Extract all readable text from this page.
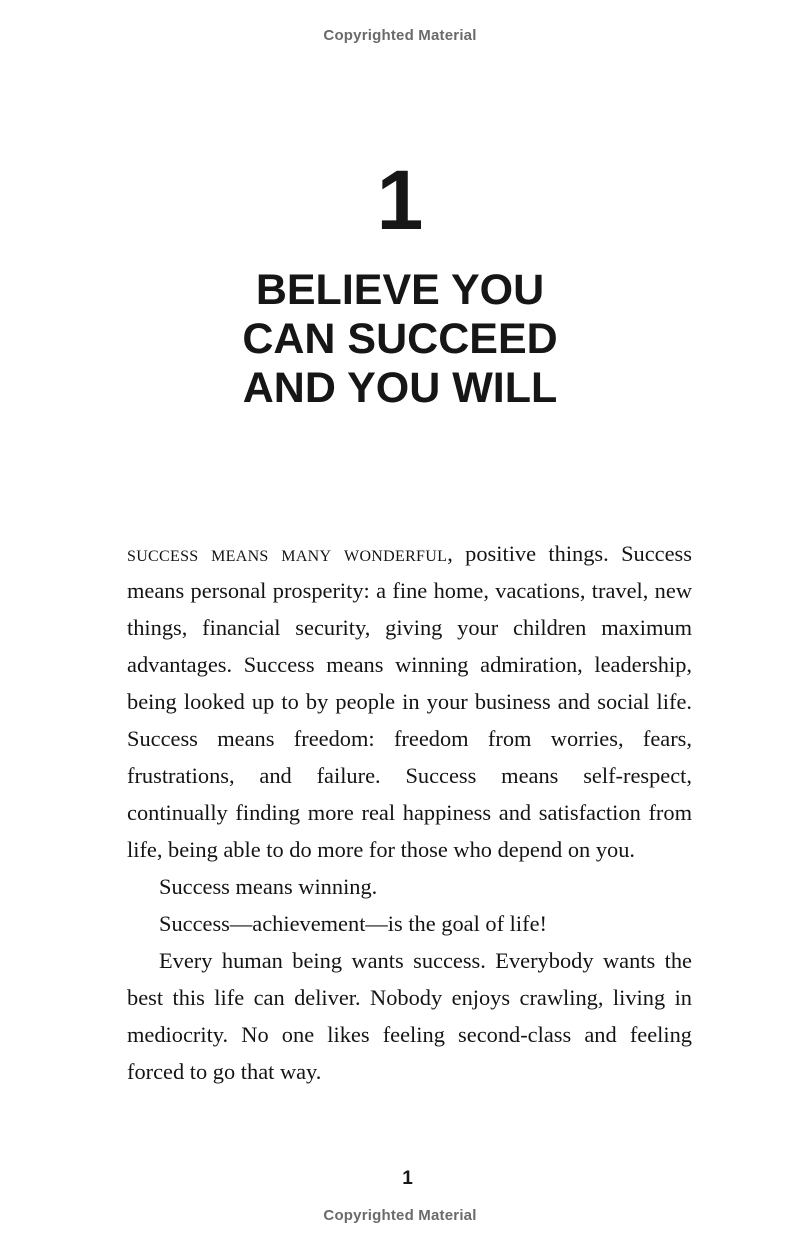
Copyrighted Material
1
BELIEVE YOU
CAN SUCCEED
AND YOU WILL

success means many wonderful, positive things. Success means personal prosperity: a fine home, vacations, travel, new things, financial security, giving your children maximum advantages. Success means winning admiration, leadership, being looked up to by people in your business and social life. Success means freedom: freedom from worries, fears, frustrations, and failure. Success means self-respect, continually finding more real happiness and satisfaction from life, being able to do more for those who depend on you.

Success means winning.

Success—achievement—is the goal of life!

Every human being wants success. Everybody wants the best this life can deliver. Nobody enjoys crawling, living in mediocrity. No one likes feeling second-class and feeling forced to go that way.

1
Copyrighted Material
